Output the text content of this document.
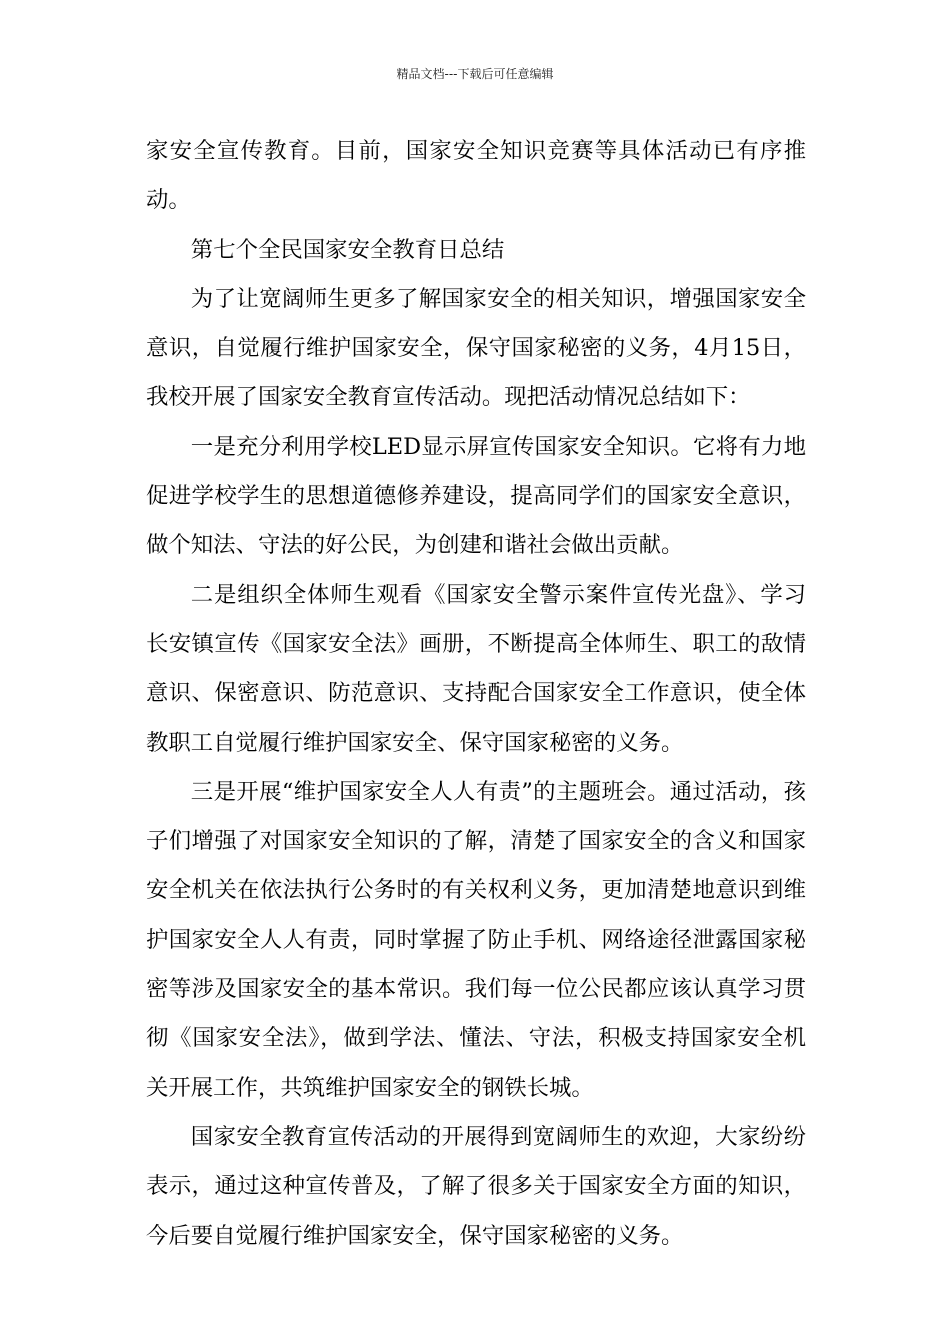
精品文档---下载后可任意编辑

家安全宣传教育。目前，国家安全知识竞赛等具体活动已有序推动。

第七个全民国家安全教育日总结

为了让宽阔师生更多了解国家安全的相关知识，增强国家安全意识，自觉履行维护国家安全，保守国家秘密的义务，4月15日，我校开展了国家安全教育宣传活动。现把活动情况总结如下：

一是充分利用学校LED显示屏宣传国家安全知识。它将有力地促进学校学生的思想道德修养建设，提高同学们的国家安全意识，做个知法、守法的好公民，为创建和谐社会做出贡献。

二是组织全体师生观看《国家安全警示案件宣传光盘》、学习长安镇宣传《国家安全法》画册，不断提高全体师生、职工的敌情意识、保密意识、防范意识、支持配合国家安全工作意识，使全体教职工自觉履行维护国家安全、保守国家秘密的义务。

三是开展“维护国家安全人人有责”的主题班会。通过活动，孩子们增强了对国家安全知识的了解，清楚了国家安全的含义和国家安全机关在依法执行公务时的有关权利义务，更加清楚地意识到维护国家安全人人有责，同时掌握了防止手机、网络途径泄露国家秘密等涉及国家安全的基本常识。我们每一位公民都应该认真学习贯彻《国家安全法》，做到学法、懂法、守法，积极支持国家安全机关开展工作，共筑维护国家安全的钢铁长城。

国家安全教育宣传活动的开展得到宽阔师生的欢迎，大家纷纷表示，通过这种宣传普及，了解了很多关于国家安全方面的知识，今后要自觉履行维护国家安全，保守国家秘密的义务。
